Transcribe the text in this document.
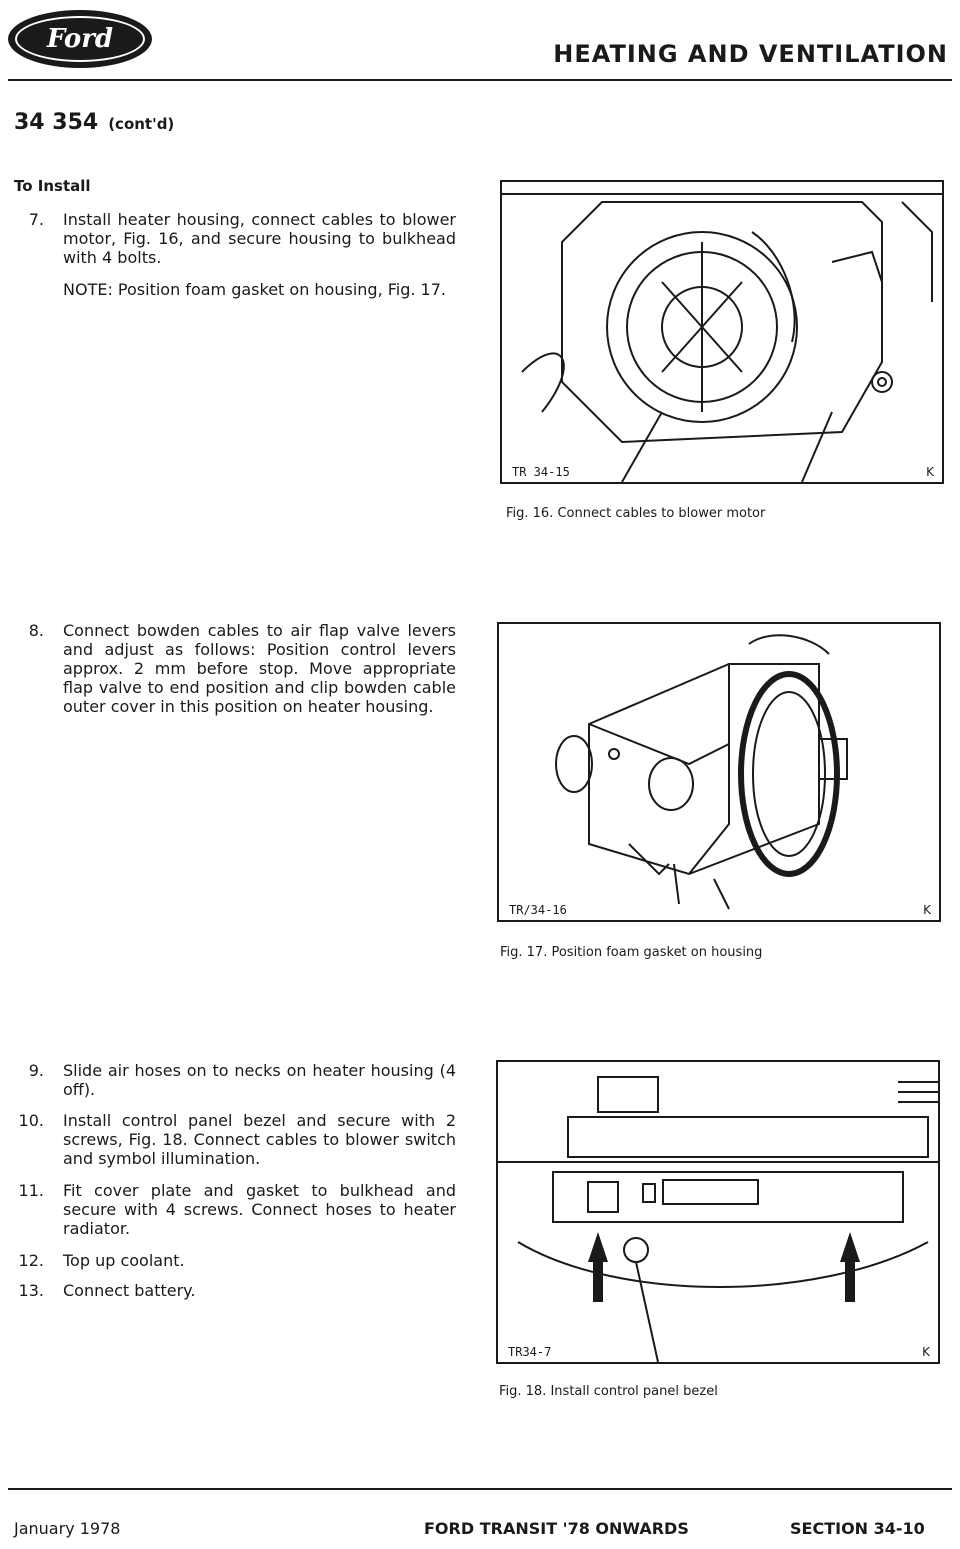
Ford	HEATING AND VENTILATION
34 354 (cont'd)
To Install
7. Install heater housing, connect cables to blower motor, Fig. 16, and secure housing to bulkhead with 4 bolts.
NOTE: Position foam gasket on housing, Fig. 17.
8. Connect bowden cables to air flap valve levers and adjust as follows: Position control levers approx. 2 mm before stop. Move appropriate flap valve to end position and clip bowden cable outer cover in this position on heater housing.
9. Slide air hoses on to necks on heater housing (4 off).
10. Install control panel bezel and secure with 2 screws, Fig. 18. Connect cables to blower switch and symbol illumination.
11. Fit cover plate and gasket to bulkhead and secure with 4 screws. Connect hoses to heater radiator.
12. Top up coolant.
13. Connect battery.
TR 34-15	K
Fig. 16. Connect cables to blower motor
TR/34-16	K
Fig. 17. Position foam gasket on housing
TR34-7	K
Fig. 18. Install control panel bezel
January 1978	FORD TRANSIT '78 ONWARDS	SECTION 34-10
